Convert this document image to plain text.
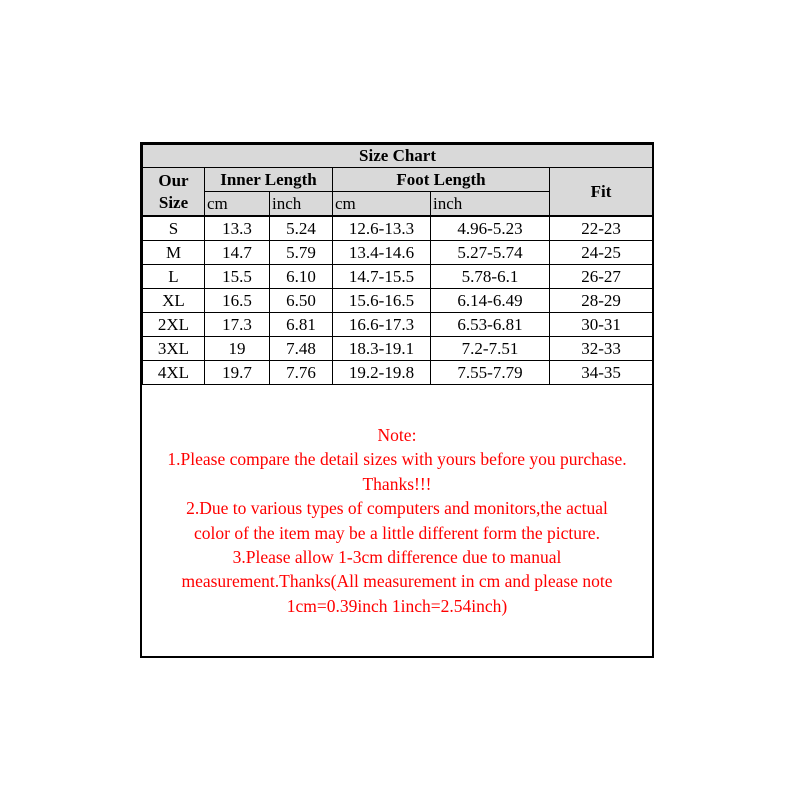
Size Chart					

Our
Size	Inner Length		Foot Length		Fit
	cm	inch	cm	inch	
S	13.3	5.24	12.6-13.3	4.96-5.23	22-23
M	14.7	5.79	13.4-14.6	5.27-5.74	24-25
L	15.5	6.10	14.7-15.5	5.78-6.1	26-27
XL	16.5	6.50	15.6-16.5	6.14-6.49	28-29
2XL	17.3	6.81	16.6-17.3	6.53-6.81	30-31
3XL	19	7.48	18.3-19.1	7.2-7.51	32-33
4XL	19.7	7.76	19.2-19.8	7.55-7.79	34-35
Note:
1.Please compare the detail sizes with yours before you purchase.
Thanks!!!
2.Due to various types of computers and monitors,the actual
color of the item may be a little different form the picture.
3.Please allow 1-3cm difference due to manual
measurement.Thanks(All measurement in cm and please note
1cm=0.39inch 1inch=2.54inch)
